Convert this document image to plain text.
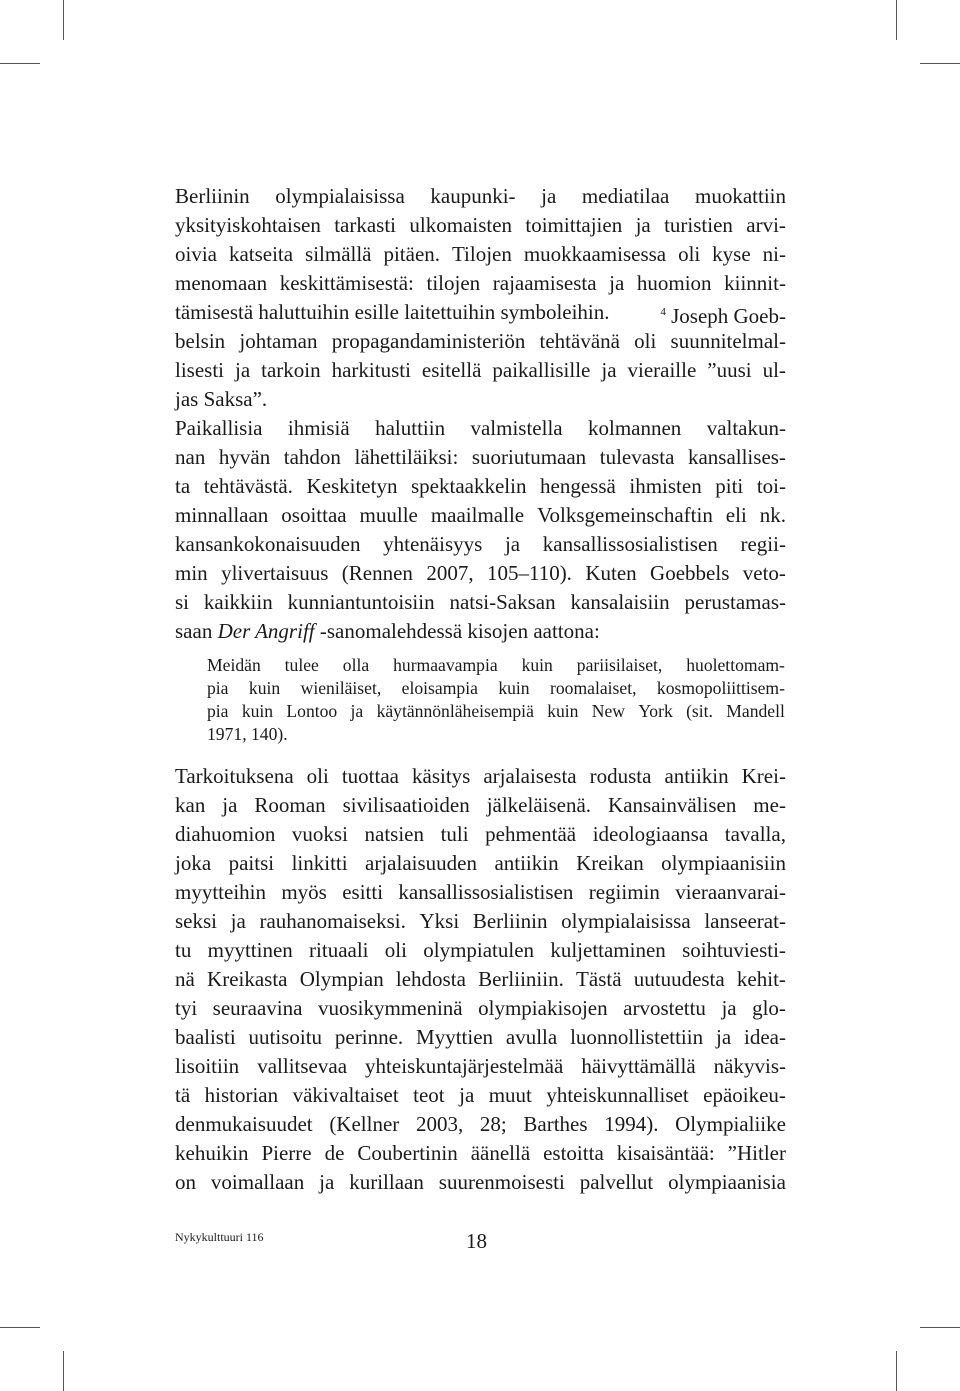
Berliinin olympialaisissa kaupunki- ja mediatilaa muokattiin
yksityiskohtaisen tarkasti ulkomaisten toimittajien ja turistien arvi-
oivia katseita silmällä pitäen. Tilojen muokkaamisessa oli kyse ni-
menomaan keskittämisestä: tilojen rajaamisesta ja huomion kiinnit-
tämisestä haluttuihin esille laitettuihin symboleihin.	$^4$ Joseph Goeb-
belsin johtaman propagandaministeriön tehtävänä oli suunnitelmal-
lisesti ja tarkoin harkitusti esitellä paikallisille ja vieraille ”uusi ul-
jas Saksa”.
Paikallisia ihmisiä haluttiin valmistella kolmannen valtakun-
nan hyvän tahdon lähettiläiksi: suoriutumaan tulevasta kansallises-
ta tehtävästä. Keskitetyn spektaakkelin hengessä ihmisten piti toi-
minnallaan osoittaa muulle maailmalle Volksgemeinschaftin eli nk.
kansankokonaisuuden yhtenäisyys ja kansallissosialistisen regii-
min ylivertaisuus (Rennen 2007, 105–110). Kuten Goebbels veto-
si kaikkiin kunniantuntoisiin natsi-Saksan kansalaisiin perustamas-
saan Der Angriff -sanomalehdessä kisojen aattona:
Meidän tulee olla hurmaavampia kuin pariisilaiset, huolettomam-
pia kuin wieniläiset, eloisampia kuin roomalaiset, kosmopoliittisem-
pia kuin Lontoo ja käytännönläheisempiä kuin New York (sit. Mandell
1971, 140).
Tarkoituksena oli tuottaa käsitys arjalaisesta rodusta antiikin Krei-
kan ja Rooman sivilisaatioiden jälkeläisenä. Kansainvälisen me-
diahuomion vuoksi natsien tuli pehmentää ideologiaansa tavalla,
joka paitsi linkitti arjalaisuuden antiikin Kreikan olympiaanisiin
myytteihin myös esitti kansallissosialistisen regiimin vieraanvarai-
seksi ja rauhanomaiseksi. Yksi Berliinin olympialaisissa lanseerat-
tu myyttinen rituaali oli olympiatulen kuljettaminen soihtuviesti-
nä Kreikasta Olympian lehdosta Berliiniin. Tästä uutuudesta kehit-
tyi seuraavina vuosikymmeninä olympiakisojen arvostettu ja glo-
baalisti uutisoitu perinne. Myyttien avulla luonnollistettiin ja idea-
lisoitiin vallitsevaa yhteiskuntajärjestelmää häivyttämällä näkyvis-
tä historian väkivaltaiset teot ja muut yhteiskunnalliset epäoikeu-
denmukaisuudet (Kellner 2003, 28; Barthes 1994). Olympialiike
kehuikin Pierre de Coubertinin äänellä estoitta kisaisäntää: ”Hitler
on voimallaan ja kurillaan suurenmoisesti palvellut olympiaanisia
Nykykulttuuri 116	18
